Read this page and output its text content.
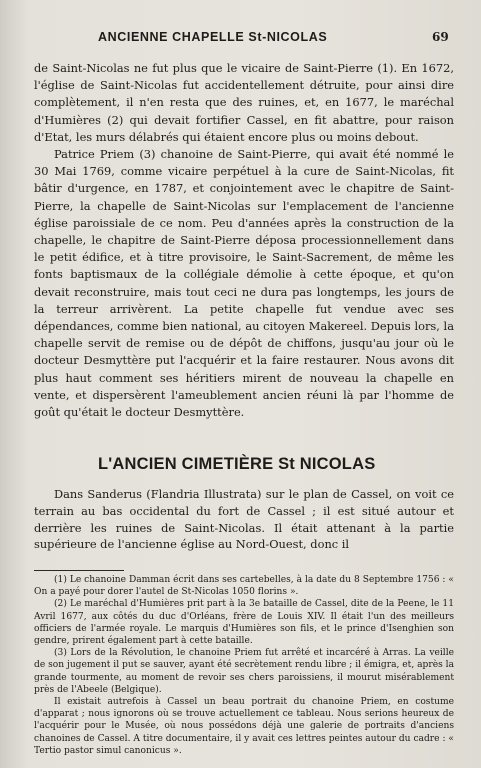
ANCIENNE CHAPELLE St-NICOLAS	69

de Saint-Nicolas ne fut plus que le vicaire de Saint-Pierre (1). En 1672, l'église de Saint-Nicolas fut accidentellement détruite, pour ainsi dire complètement, il n'en resta que des ruines, et, en 1677, le maréchal d'Humières (2) qui devait fortifier Cassel, en fit abattre, pour raison d'Etat, les murs délabrés qui étaient encore plus ou moins debout.

Patrice Priem (3) chanoine de Saint-Pierre, qui avait été nommé le 30 Mai 1769, comme vicaire perpétuel à la cure de Saint-Nicolas, fit bâtir d'urgence, en 1787, et conjointement avec le chapitre de Saint-Pierre, la chapelle de Saint-Nicolas sur l'emplacement de l'ancienne église paroissiale de ce nom. Peu d'années après la construction de la chapelle, le chapitre de Saint-Pierre déposa processionnellement dans le petit édifice, et à titre provisoire, le Saint-Sacrement, de même les fonts baptismaux de la collégiale démolie à cette époque, et qu'on devait reconstruire, mais tout ceci ne dura pas longtemps, les jours de la terreur arrivèrent. La petite chapelle fut vendue avec ses dépendances, comme bien national, au citoyen Makereel. Depuis lors, la chapelle servit de remise ou de dépôt de chiffons, jusqu'au jour où le docteur Desmyttère put l'acquérir et la faire restaurer. Nous avons dit plus haut comment ses héritiers mirent de nouveau la chapelle en vente, et dispersèrent l'ameublement ancien réuni là par l'homme de goût qu'était le docteur Desmyttère.

L'ANCIEN CIMETIÈRE St NICOLAS

Dans Sanderus (Flandria Illustrata) sur le plan de Cassel, on voit ce terrain au bas occidental du fort de Cassel ; il est situé autour et derrière les ruines de Saint-Nicolas. Il était attenant à la partie supérieure de l'ancienne église au Nord-Ouest, donc il

(1) Le chanoine Damman écrit dans ses cartebelles, à la date du 8 Septembre 1756 : « On a payé pour dorer l'autel de St-Nicolas 1050 florins ».

(2) Le maréchal d'Humières prit part à la 3e bataille de Cassel, dite de la Peene, le 11 Avril 1677, aux côtés du duc d'Orléans, frère de Louis XIV. Il était l'un des meilleurs officiers de l'armée royale. Le marquis d'Humières son fils, et le prince d'Isenghien son gendre, prirent également part à cette bataille.

(3) Lors de la Révolution, le chanoine Priem fut arrêté et incarcéré à Arras. La veille de son jugement il put se sauver, ayant été secrètement rendu libre ; il émigra, et, après la grande tourmente, au moment de revoir ses chers paroissiens, il mourut misérablement près de l'Abeele (Belgique).

Il existait autrefois à Cassel un beau portrait du chanoine Priem, en costume d'apparat ; nous ignorons où se trouve actuellement ce tableau. Nous serions heureux de l'acquérir pour le Musée, où nous possédons déjà une galerie de portraits d'anciens chanoines de Cassel. A titre documentaire, il y avait ces lettres peintes autour du cadre : « Tertio pastor simul canonicus ».
